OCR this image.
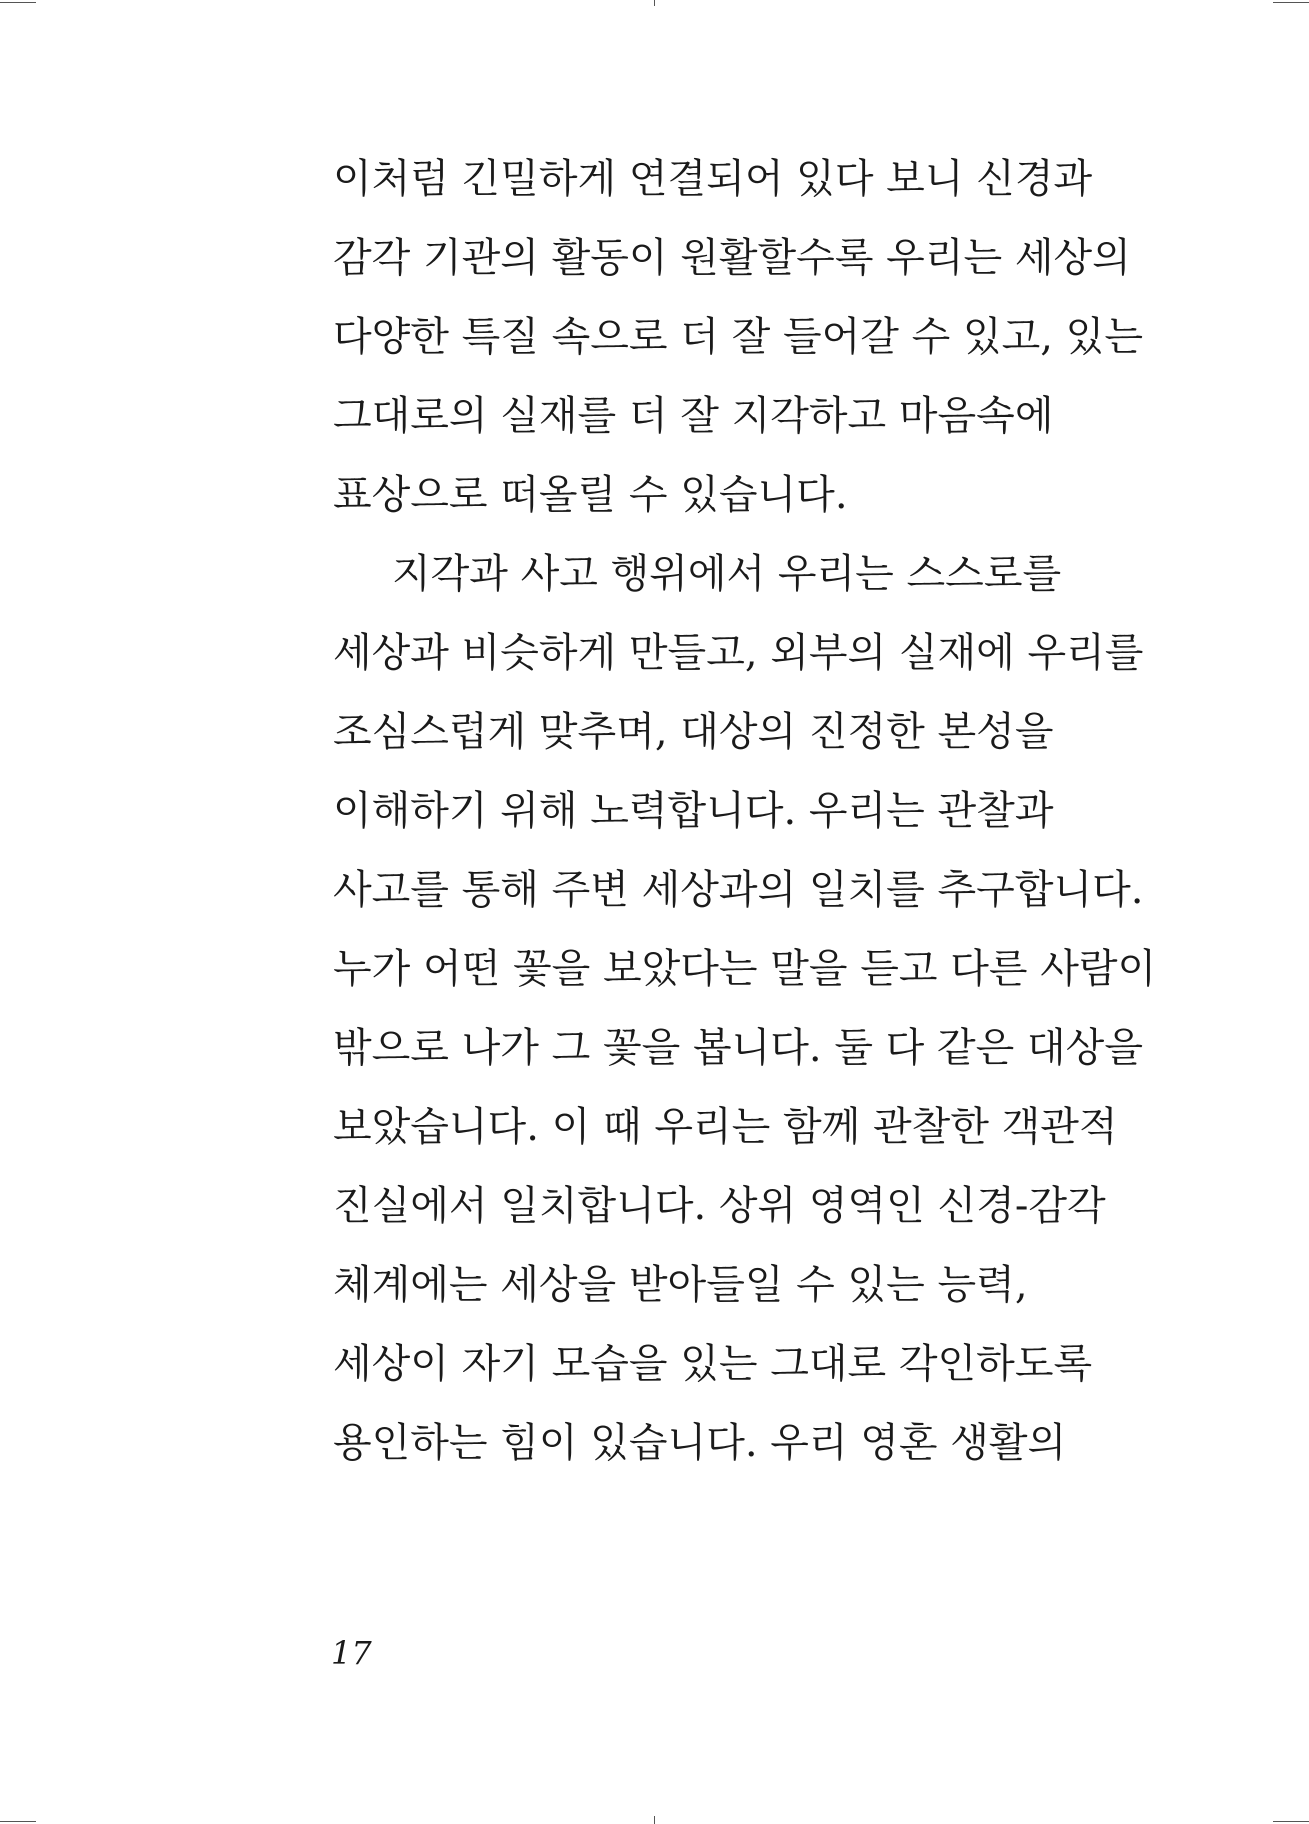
이처럼 긴밀하게 연결되어 있다 보니 신경과
감각 기관의 활동이 원활할수록 우리는 세상의
다양한 특질 속으로 더 잘 들어갈 수 있고, 있는
그대로의 실재를 더 잘 지각하고 마음속에
표상으로 떠올릴 수 있습니다.
지각과 사고 행위에서 우리는 스스로를
세상과 비슷하게 만들고, 외부의 실재에 우리를
조심스럽게 맞추며, 대상의 진정한 본성을
이해하기 위해 노력합니다. 우리는 관찰과
사고를 통해 주변 세상과의 일치를 추구합니다.
누가 어떤 꽃을 보았다는 말을 듣고 다른 사람이
밖으로 나가 그 꽃을 봅니다. 둘 다 같은 대상을
보았습니다. 이 때 우리는 함께 관찰한 객관적
진실에서 일치합니다. 상위 영역인 신경-감각
체계에는 세상을 받아들일 수 있는 능력,
세상이 자기 모습을 있는 그대로 각인하도록
용인하는 힘이 있습니다. 우리 영혼 생활의
17
